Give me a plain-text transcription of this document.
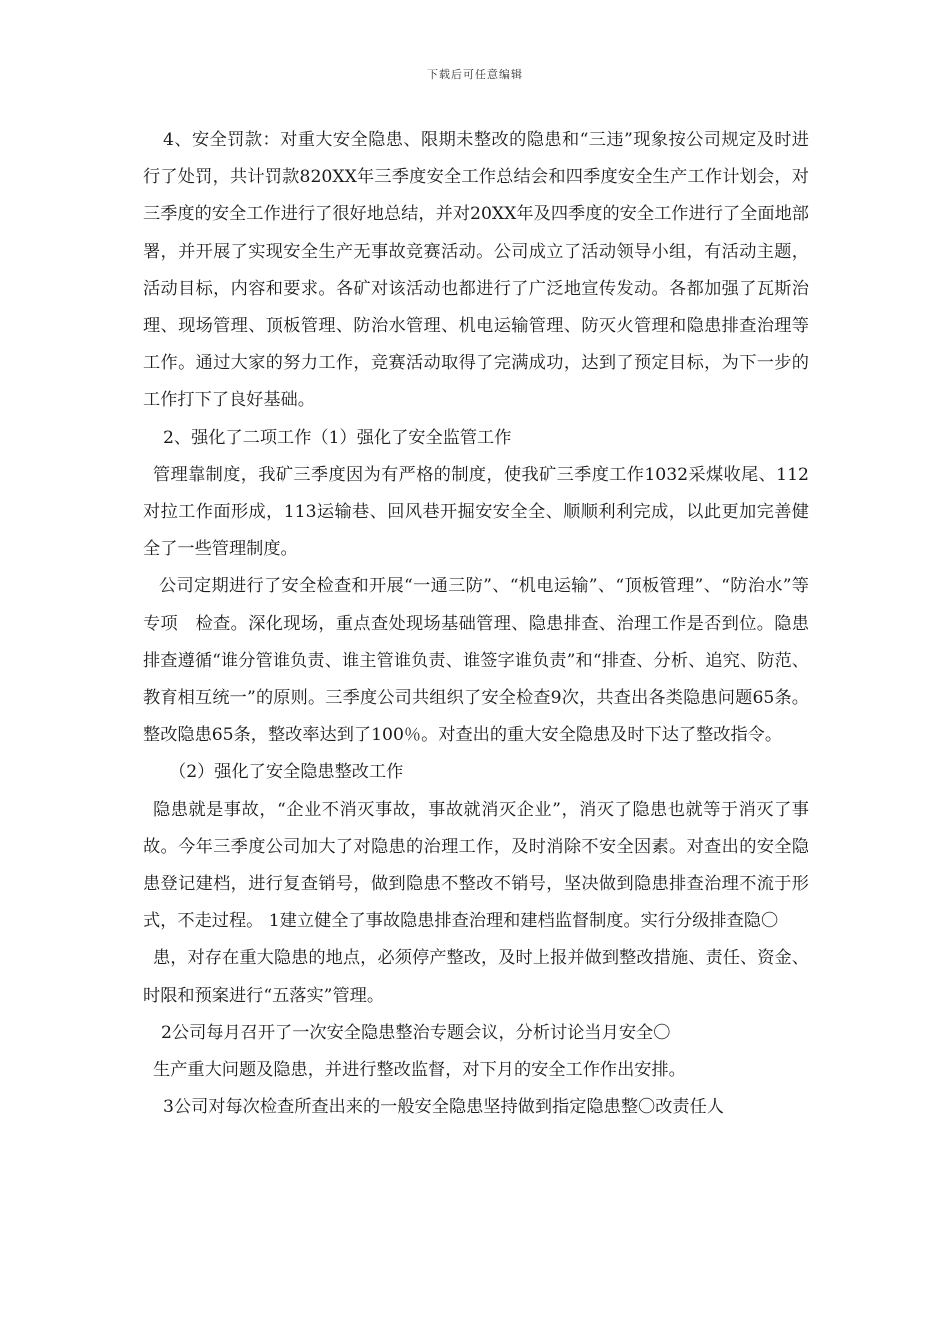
下载后可任意编辑

4、安全罚款：对重大安全隐患、限期未整改的隐患和“三违”现象按公司规定及时进行了处罚，共计罚款820XX年三季度安全工作总结会和四季度安全生产工作计划会，对三季度的安全工作进行了很好地总结，并对20XX年及四季度的安全工作进行了全面地部署，并开展了实现安全生产无事故竞赛活动。公司成立了活动领导小组，有活动主题，活动目标，内容和要求。各矿对该活动也都进行了广泛地宣传发动。各都加强了瓦斯治理、现场管理、顶板管理、防治水管理、机电运输管理、防灭火管理和隐患排查治理等工作。通过大家的努力工作，竞赛活动取得了完满成功，达到了预定目标，为下一步的工作打下了良好基础。

2、强化了二项工作（1）强化了安全监管工作

管理靠制度，我矿三季度因为有严格的制度，使我矿三季度工作1032采煤收尾、112对拉工作面形成，113运输巷、回风巷开掘安安全全、顺顺利利完成，以此更加完善健全了一些管理制度。

公司定期进行了安全检查和开展“一通三防”、“机电运输”、“顶板管理”、“防治水”等专项　检查。深化现场，重点查处现场基础管理、隐患排查、治理工作是否到位。隐患排查遵循“谁分管谁负责、谁主管谁负责、谁签字谁负责”和“排查、分析、追究、防范、教育相互统一”的原则。三季度公司共组织了安全检查9次，共查出各类隐患问题65条。整改隐患65条，整改率达到了100％。对查出的重大安全隐患及时下达了整改指令。

（2）强化了安全隐患整改工作

隐患就是事故，“企业不消灭事故，事故就消灭企业”，消灭了隐患也就等于消灭了事故。今年三季度公司加大了对隐患的治理工作，及时消除不安全因素。对查出的安全隐患登记建档，进行复查销号，做到隐患不整改不销号，坚决做到隐患排查治理不流于形式，不走过程。 1建立健全了事故隐患排查治理和建档监督制度。实行分级排查隐〇

患，对存在重大隐患的地点，必须停产整改，及时上报并做到整改措施、责任、资金、时限和预案进行“五落实”管理。

2公司每月召开了一次安全隐患整治专题会议，分析讨论当月安全〇

生产重大问题及隐患，并进行整改监督，对下月的安全工作作出安排。

3公司对每次检查所查出来的一般安全隐患坚持做到指定隐患整〇改责任人
